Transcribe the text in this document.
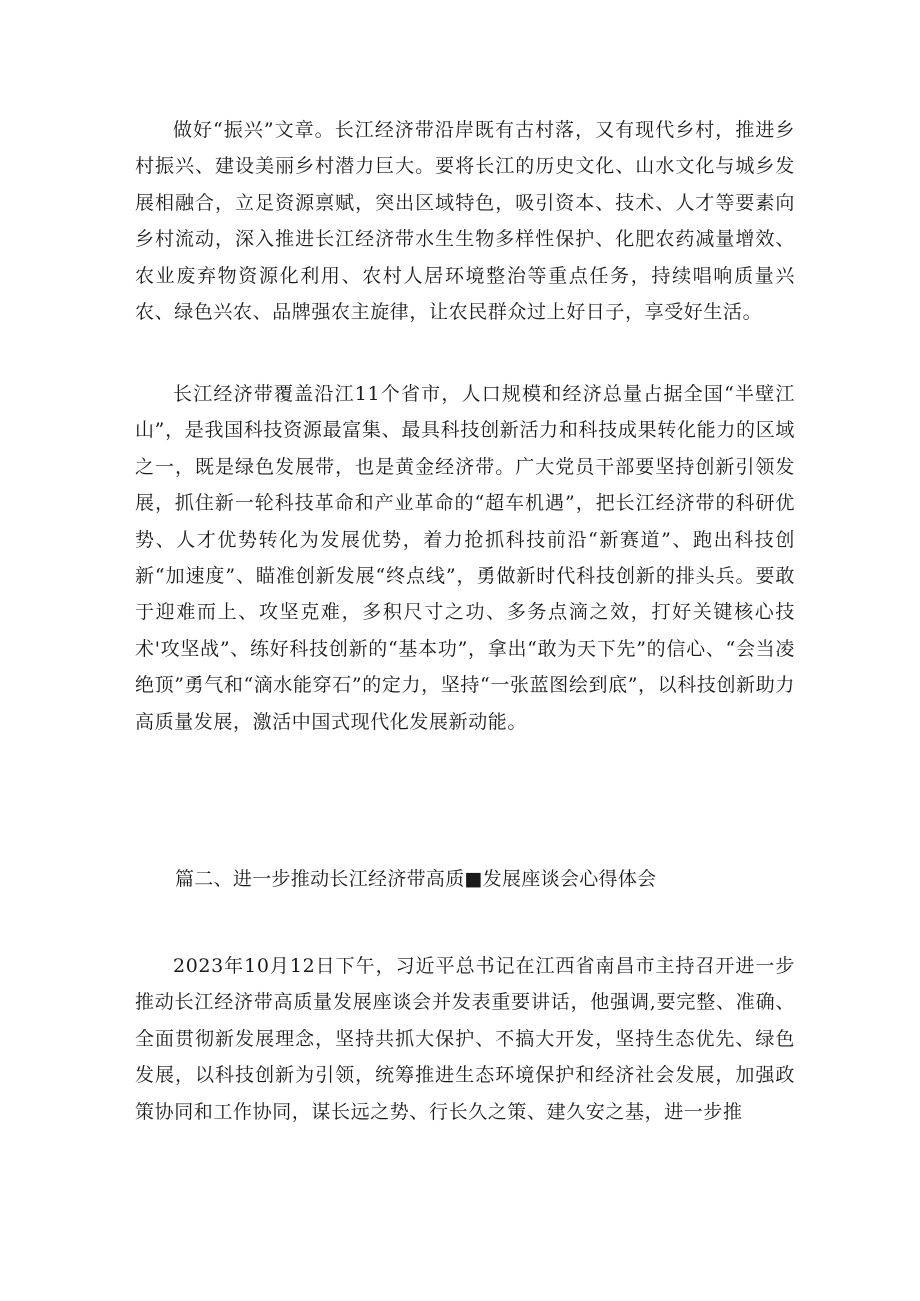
做好“振兴”文章。长江经济带沿岸既有古村落，又有现代乡村，推进乡村振兴、建设美丽乡村潜力巨大。要将长江的历史文化、山水文化与城乡发展相融合，立足资源禀赋，突出区域特色，吸引资本、技术、人才等要素向乡村流动，深入推进长江经济带水生生物多样性保护、化肥农药减量增效、农业废弃物资源化利用、农村人居环境整治等重点任务，持续唱响质量兴农、绿色兴农、品牌强农主旋律，让农民群众过上好日子，享受好生活。

长江经济带覆盖沿江11个省市，人口规模和经济总量占据全国“半壁江山”，是我国科技资源最富集、最具科技创新活力和科技成果转化能力的区域之一，既是绿色发展带，也是黄金经济带。广大党员干部要坚持创新引领发展，抓住新一轮科技革命和产业革命的“超车机遇”，把长江经济带的科研优势、人才优势转化为发展优势，着力抢抓科技前沿“新赛道”、跑出科技创新“加速度”、瞄准创新发展“终点线”，勇做新时代科技创新的排头兵。要敢于迎难而上、攻坚克难，多积尺寸之功、多务点滴之效，打好关键核心技术'攻坚战”、练好科技创新的“基本功”，拿出“敢为天下先”的信心、“会当凌绝顶”勇气和“滴水能穿石”的定力，坚持“一张蓝图绘到底”，以科技创新助力高质量发展，激活中国式现代化发展新动能。

篇二、进一步推动长江经济带高质■发展座谈会心得体会

2023年10月12日下午，习近平总书记在江西省南昌市主持召开进一步推动长江经济带高质量发展座谈会并发表重要讲话，他强调,要完整、准确、全面贯彻新发展理念，坚持共抓大保护、不搞大开发，坚持生态优先、绿色发展，以科技创新为引领，统筹推进生态环境保护和经济社会发展，加强政策协同和工作协同，谋长远之势、行长久之策、建久安之基，进一步推
